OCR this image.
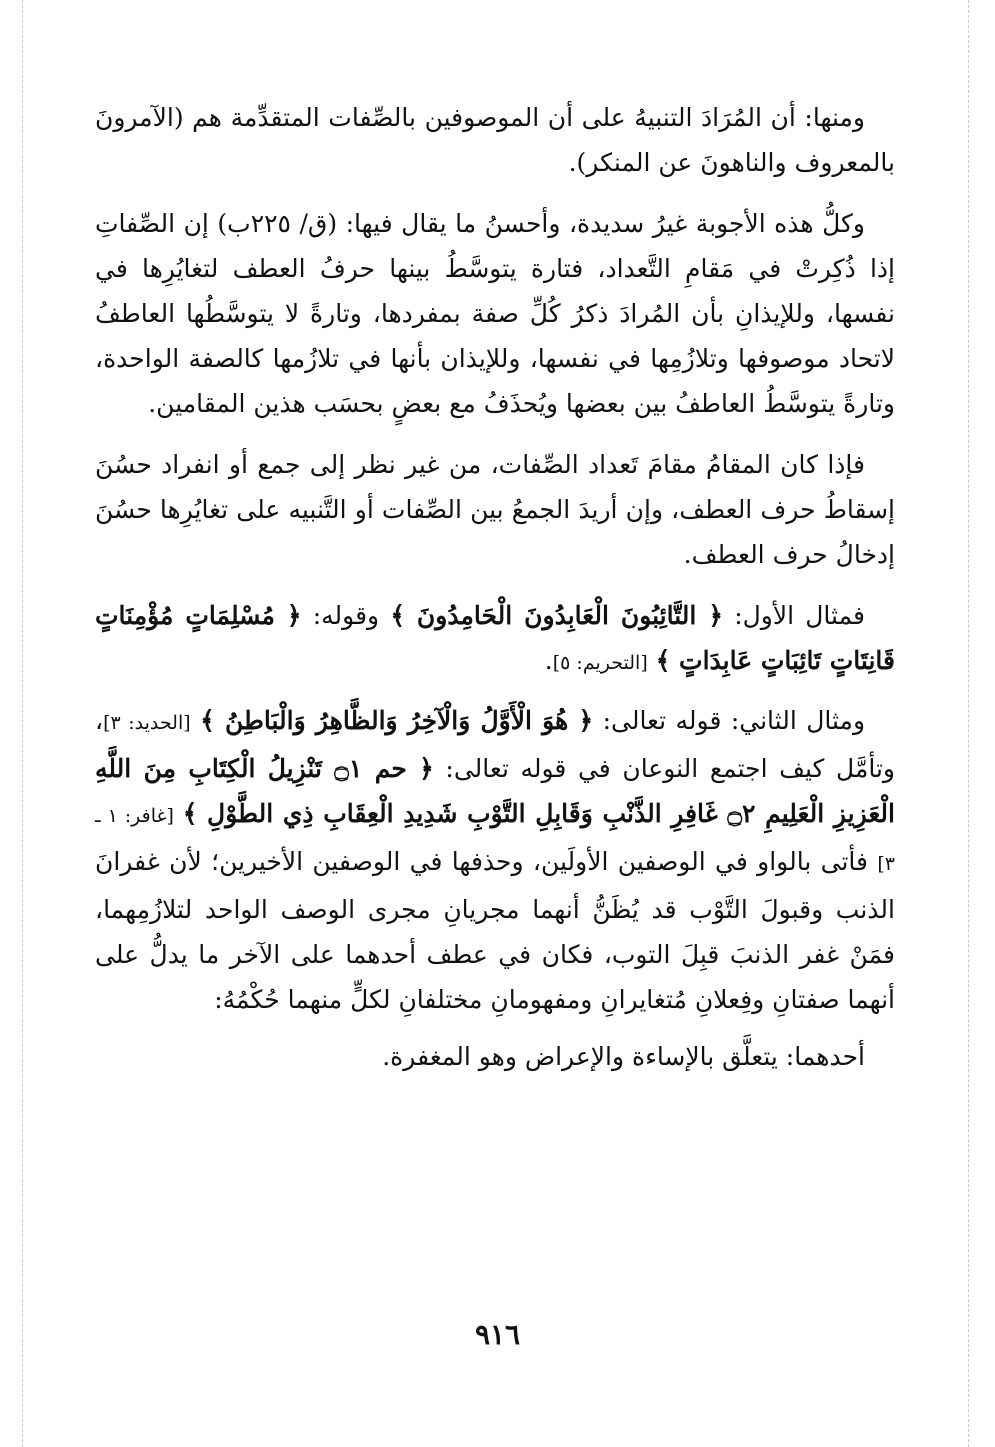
ومنها: أن المُرَادَ التنبيهُ على أن الموصوفين بالصِّفات المتقدِّمة هم (الآمرونَ بالمعروف والناهونَ عن المنكر).

وكلُّ هذه الأجوبة غيرُ سديدة، وأحسنُ ما يقال فيها: (ق/ ٢٢٥ب) إن الصِّفاتِ إذا ذُكِرتْ في مَقامِ التَّعداد، فتارة يتوسَّطُ بينها حرفُ العطف لتغايُرِها في نفسها، وللإيذانِ بأن المُرادَ ذكرُ كُلِّ صفة بمفردها، وتارةً لا يتوسَّطُها العاطفُ لاتحاد موصوفها وتلازُمِها في نفسها، وللإيذان بأنها في تلازُمها كالصفة الواحدة، وتارةً يتوسَّطُ العاطفُ بين بعضها ويُحذَفُ مع بعضٍ بحسَب هذين المقامين.

فإذا كان المقامُ مقامَ تَعداد الصِّفات، من غير نظر إلى جمع أو انفراد حسُنَ إسقاطُ حرف العطف، وإن أريدَ الجمعُ بين الصِّفات أو التَّنبيه على تغايُرِها حسُنَ إدخالُ حرف العطف.

فمثال الأول: ﴿ التَّائِبُونَ الْعَابِدُونَ الْحَامِدُونَ ﴾ وقوله: ﴿ مُسْلِمَاتٍ مُؤْمِنَاتٍ قَانِتَاتٍ تَائِبَاتٍ عَابِدَاتٍ ﴾ [التحريم: ٥].

ومثال الثاني: قوله تعالى: ﴿ هُوَ الْأَوَّلُ وَالْآخِرُ وَالظَّاهِرُ وَالْبَاطِنُ ﴾ [الحديد: ٣]، وتأمَّل كيف اجتمع النوعان في قوله تعالى: ﴿ حم ۝١ تَنْزِيلُ الْكِتَابِ مِنَ اللَّهِ الْعَزِيزِ الْعَلِيمِ ۝٢ غَافِرِ الذَّنْبِ وَقَابِلِ التَّوْبِ شَدِيدِ الْعِقَابِ ذِي الطَّوْلِ ﴾ [غافر: ١ ـ ٣] فأتى بالواو في الوصفين الأولَين، وحذفها في الوصفين الأخيرين؛ لأن غفرانَ الذنب وقبولَ التَّوْب قد يُظَنُّ أنهما مجريانِ مجرى الوصف الواحد لتلازُمِهما، فمَنْ غفر الذنبَ قبِلَ التوب، فكان في عطف أحدهما على الآخر ما يدلُّ على أنهما صفتانِ وفِعلانِ مُتغايرانِ ومفهومانِ مختلفانِ لكلٍّ منهما حُكْمُهُ:

أحدهما: يتعلَّق بالإساءة والإعراض وهو المغفرة.

٩١٦
